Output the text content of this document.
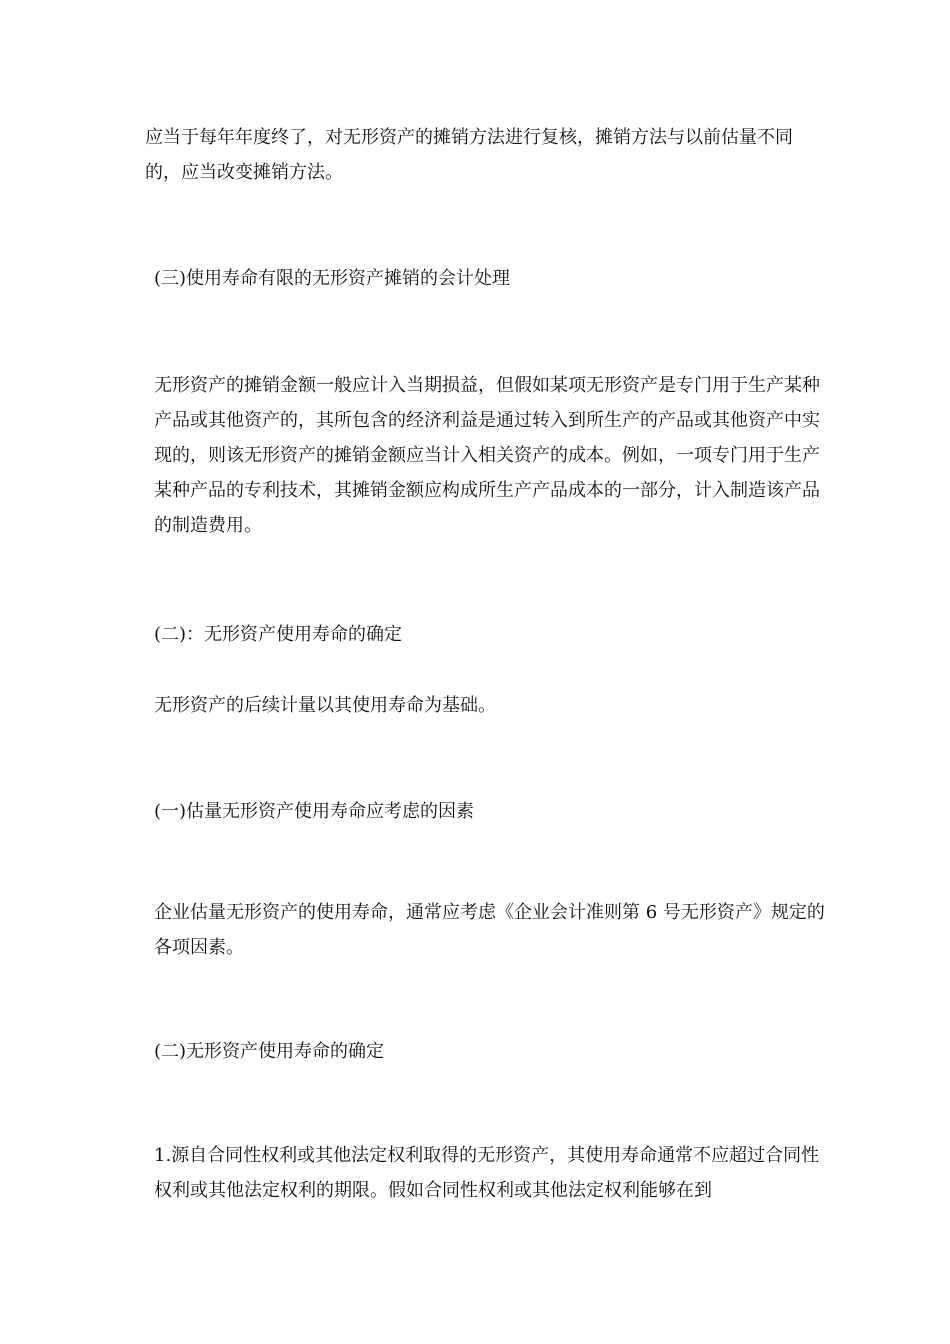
应当于每年年度终了，对无形资产的摊销方法进行复核，摊销方法与以前估量不同的，应当改变摊销方法。
(三)使用寿命有限的无形资产摊销的会计处理
无形资产的摊销金额一般应计入当期损益，但假如某项无形资产是专门用于生产某种产品或其他资产的，其所包含的经济利益是通过转入到所生产的产品或其他资产中实现的，则该无形资产的摊销金额应当计入相关资产的成本。例如，一项专门用于生产某种产品的专利技术，其摊销金额应构成所生产产品成本的一部分，计入制造该产品的制造费用。
(二)：无形资产使用寿命的确定
无形资产的后续计量以其使用寿命为基础。
(一)估量无形资产使用寿命应考虑的因素
企业估量无形资产的使用寿命，通常应考虑《企业会计准则第 6 号无形资产》规定的各项因素。
(二)无形资产使用寿命的确定
1.源自合同性权利或其他法定权利取得的无形资产，其使用寿命通常不应超过合同性权利或其他法定权利的期限。假如合同性权利或其他法定权利能够在到
